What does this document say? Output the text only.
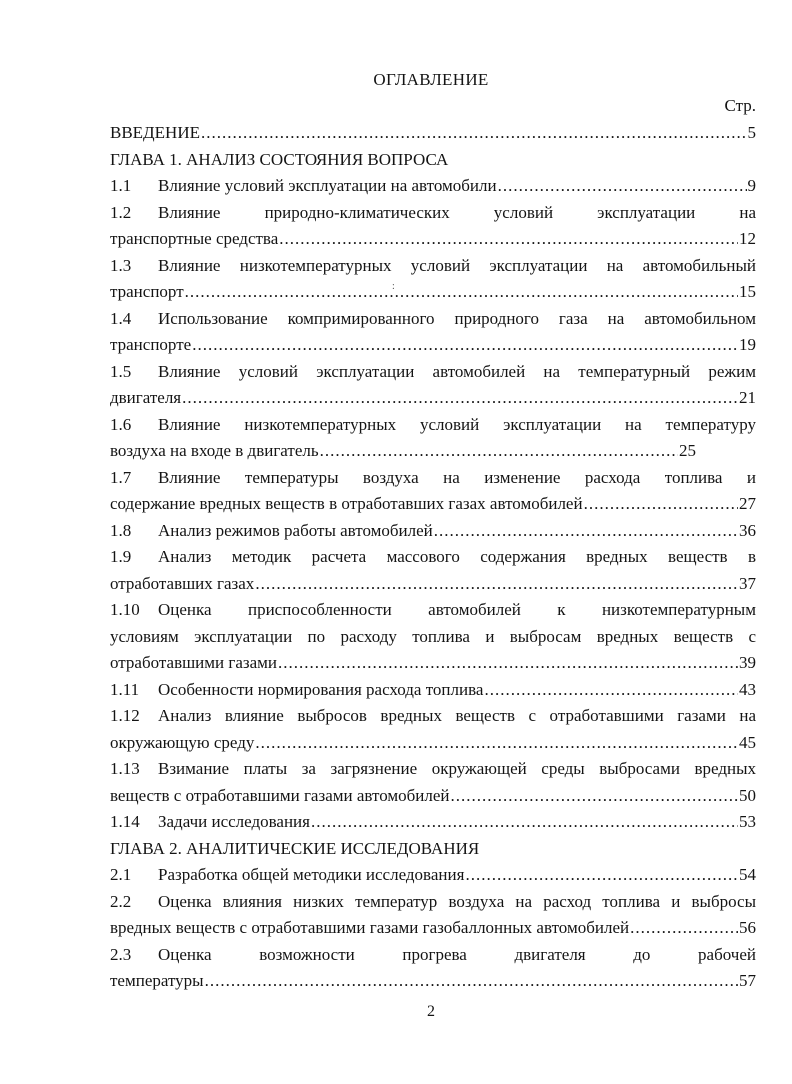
ОГЛАВЛЕНИЕ
Стр.
:
ВВЕДЕНИЕ .....	5
ГЛАВА 1. АНАЛИЗ СОСТОЯНИЯ ВОПРОСА
1.1	Влияние условий эксплуатации на автомобили .....	9
1.2	Влияние природно-климатических условий эксплуатации на
транспортные средства .....	12
1.3	Влияние низкотемпературных условий эксплуатации на автомобильный
транспорт .....	15
1.4	Использование компримированного природного газа на автомобильном
транспорте .....	19
1.5	Влияние условий эксплуатации автомобилей на температурный режим
двигателя .....	21
1.6	Влияние низкотемпературных условий эксплуатации на температуру
воздуха на входе в двигатель .....	25
1.7	Влияние температуры воздуха на изменение расхода топлива и
содержание вредных веществ в отработавших газах автомобилей .....	27
1.8	Анализ режимов работы автомобилей .....	36
1.9	Анализ методик расчета массового содержания вредных веществ в
отработавших газах .....	37
1.10	Оценка приспособленности автомобилей к низкотемпературным
условиям эксплуатации по расходу топлива и выбросам вредных веществ с
отработавшими газами .....	39
1.11	Особенности нормирования расхода топлива .....	43
1.12	Анализ влияние выбросов вредных веществ с отработавшими газами на
окружающую среду .....	45
1.13	Взимание платы за загрязнение окружающей среды выбросами вредных
веществ с отработавшими газами автомобилей .....	50
1.14	Задачи исследования .....	53
ГЛАВА 2. АНАЛИТИЧЕСКИЕ ИССЛЕДОВАНИЯ
2.1	Разработка общей методики исследования .....	54
2.2	Оценка влияния низких температур воздуха на расход топлива и выбросы
вредных веществ с отработавшими газами газобаллонных автомобилей .....	56
2.3	Оценка возможности прогрева двигателя до рабочей
температуры .....	57
2
